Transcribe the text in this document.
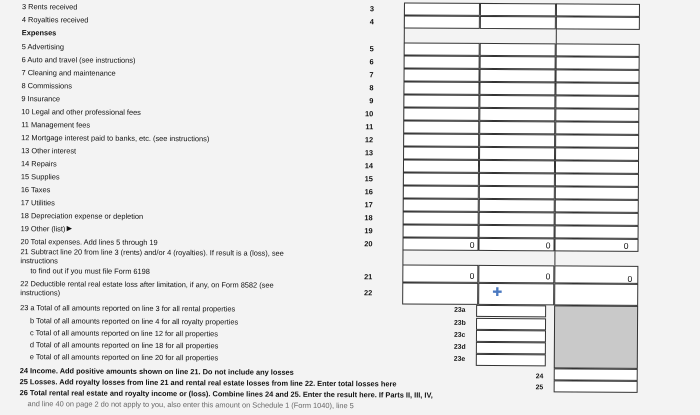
3 Rents received	3
4 Royalties received	4
Expenses
5 Advertising	5
6 Auto and travel (see instructions)	6
7 Cleaning and maintenance	7
8 Commissions	8
9 Insurance	9
10 Legal and other professional fees	10
11 Management fees	11
12 Mortgage interest paid to banks, etc. (see instructions)	12
13 Other interest	13
14 Repairs	14
15 Supplies	15
16 Taxes	16
17 Utilities	17
18 Depreciation expense or depletion	18
19 Other (list) ▶	19
20 Total expenses. Add lines 5 through 19	20	0	0	0
21 Subtract line 20 from line 3 (rents) and/or 4 (royalties). If result is a (loss), see instructions
to find out if you must file Form 6198
21	0	0	0
22 Deductible rental real estate loss after limitation, if any, on Form 8582 (see instructions)	22	✚
23 a Total of all amounts reported on line 3 for all rental properties	23a
b Total of all amounts reported on line 4 for all royalty properties	23b
c Total of all amounts reported on line 12 for all properties	23c
d Total of all amounts reported on line 18 for all properties	23d
e Total of all amounts reported on line 20 for all properties	23e
24 Income. Add positive amounts shown on line 21. Do not include any losses
24
25 Losses. Add royalty losses from line 21 and rental real estate losses from line 22. Enter total losses here	25
26 Total rental real estate and royalty income or (loss). Combine lines 24 and 25. Enter the result here. If Parts II, III, IV,
and line 40 on page 2 do not apply to you, also enter this amount on Schedule 1 (Form 1040), line 5
